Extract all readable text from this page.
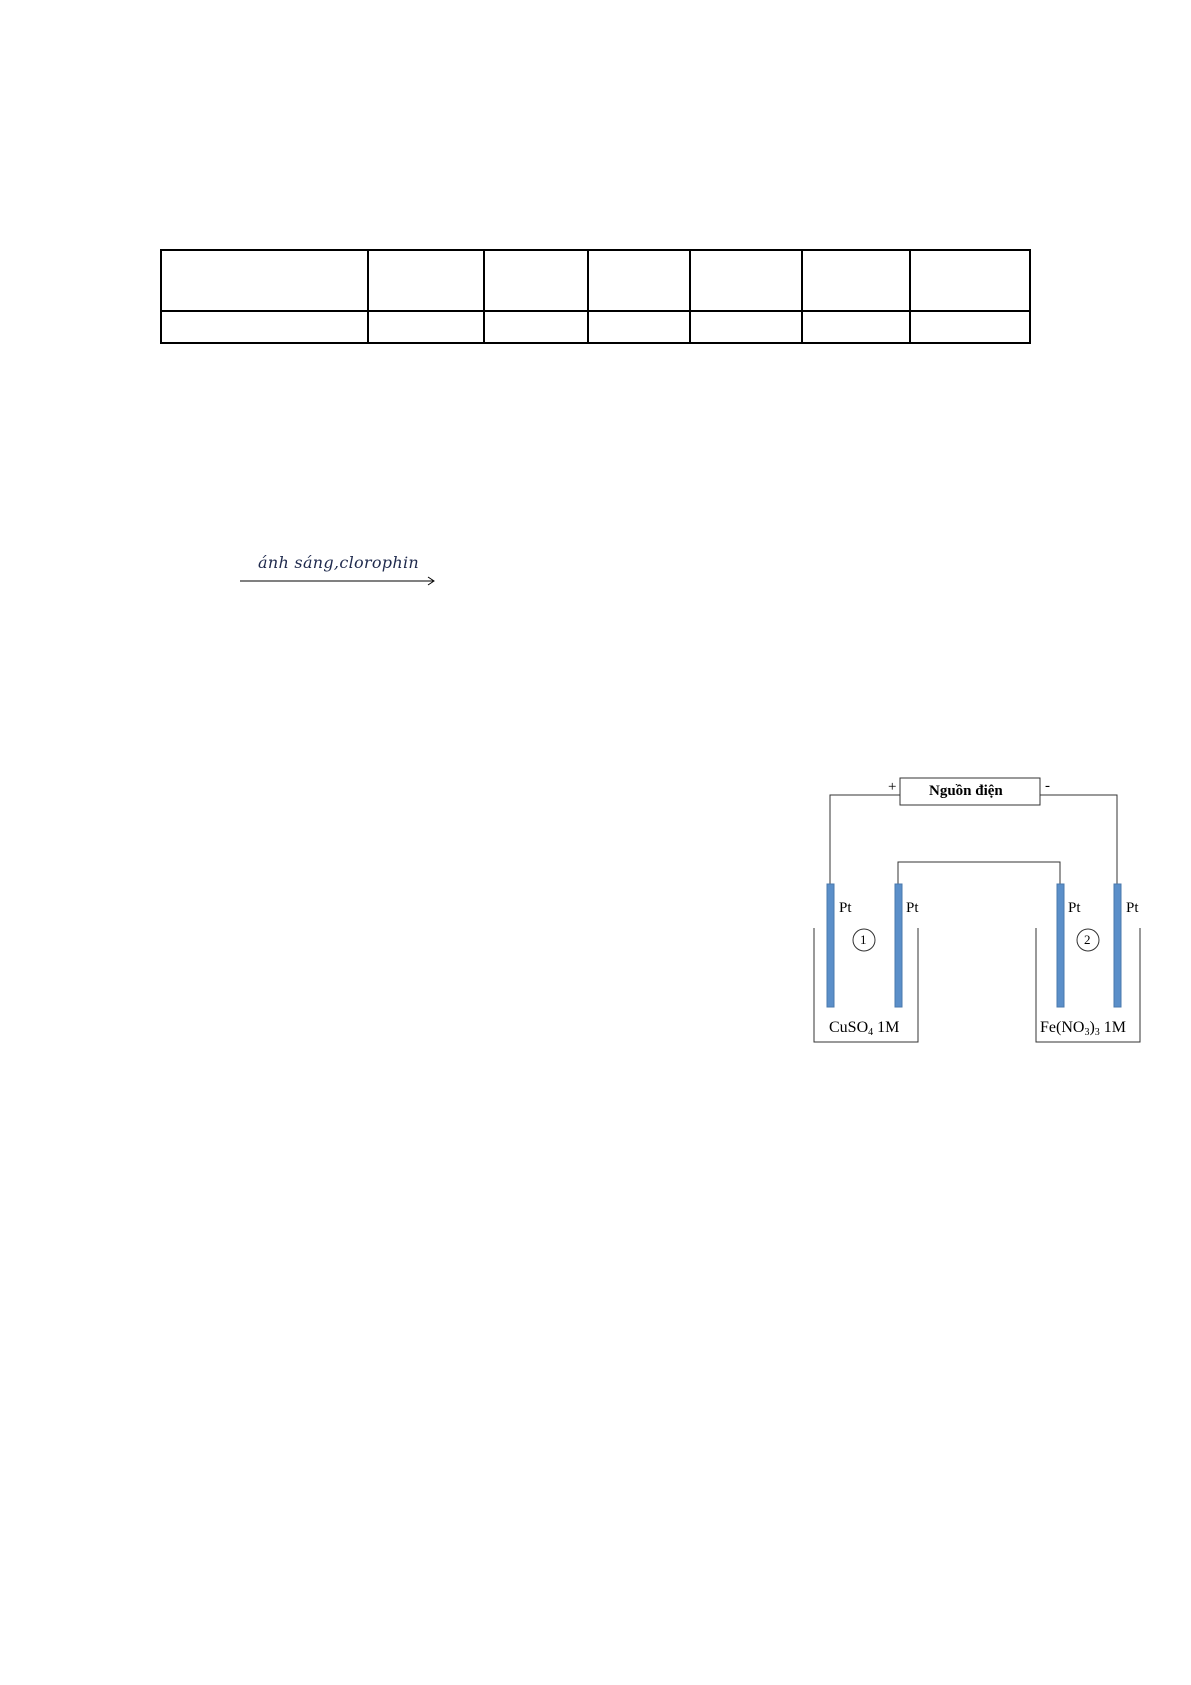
ánh sáng,clorophin
Nguồn điện
+	-
Pt	Pt	Pt	Pt
1	2
CuSO$_4$ 1M	$Fe(NO_3)_3$ 1M
